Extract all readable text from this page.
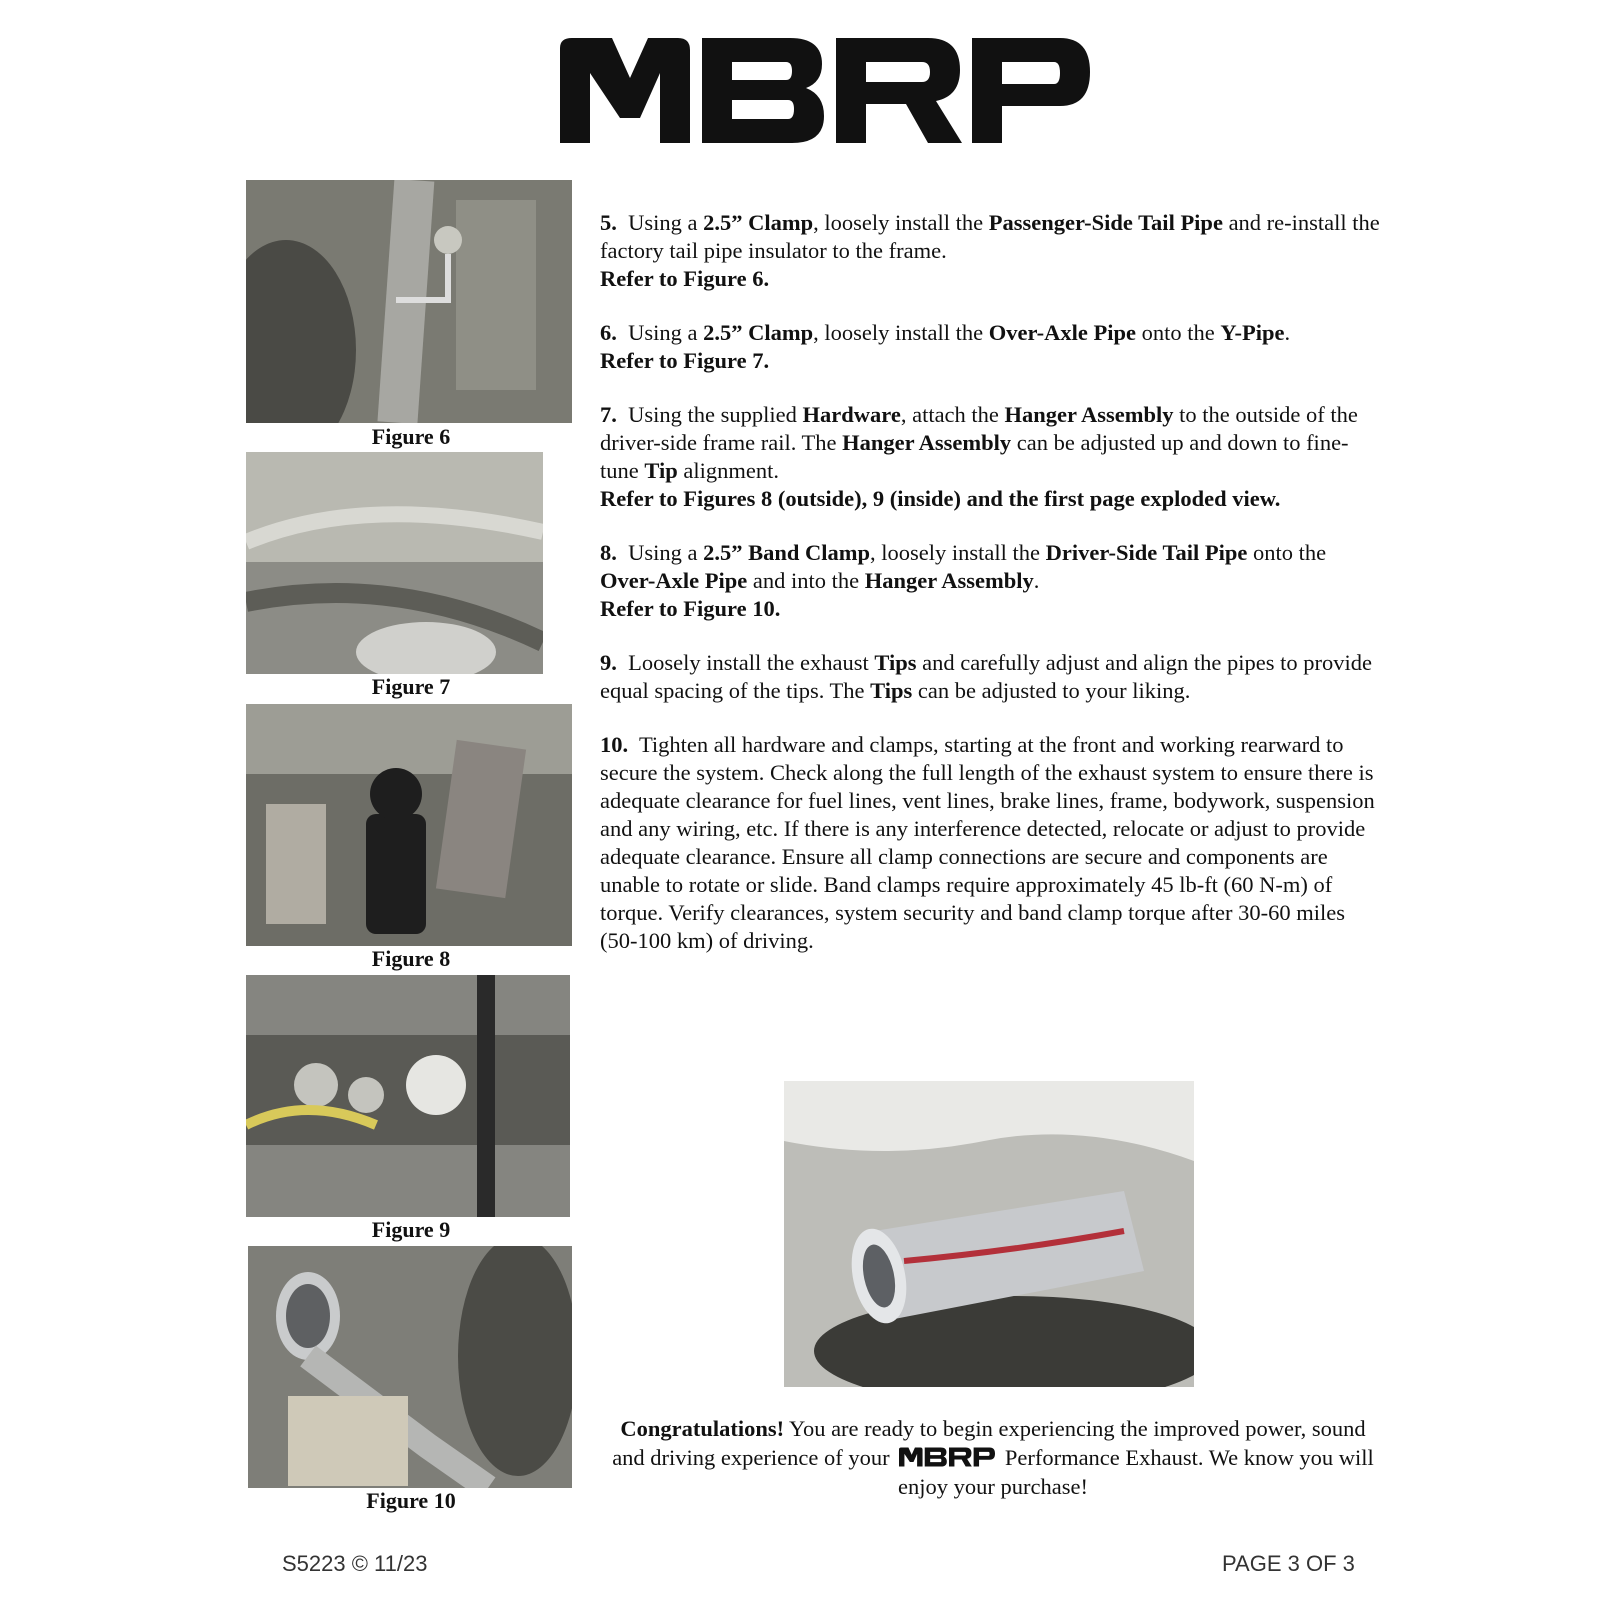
Figure 6
Figure 7
Figure 8
Figure 9
Figure 10
5. Using a 2.5” Clamp, loosely install the Passenger-Side Tail Pipe and re-install the factory tail pipe insulator to the frame.
Refer to Figure 6.
6. Using a 2.5” Clamp, loosely install the Over-Axle Pipe onto the Y-Pipe.
Refer to Figure 7.
7. Using the supplied Hardware, attach the Hanger Assembly to the outside of the driver-side frame rail. The Hanger Assembly can be adjusted up and down to fine-tune Tip alignment.
Refer to Figures 8 (outside), 9 (inside) and the first page exploded view.
8. Using a 2.5” Band Clamp, loosely install the Driver-Side Tail Pipe onto the Over-Axle Pipe and into the Hanger Assembly.
Refer to Figure 10.
9. Loosely install the exhaust Tips and carefully adjust and align the pipes to provide equal spacing of the tips. The Tips can be adjusted to your liking.
10. Tighten all hardware and clamps, starting at the front and working rearward to secure the system. Check along the full length of the exhaust system to ensure there is adequate clearance for fuel lines, vent lines, brake lines, frame, bodywork, suspension and any wiring, etc. If there is any interference detected, relocate or adjust to provide adequate clearance. Ensure all clamp connections are secure and components are unable to rotate or slide. Band clamps require approximately 45 lb-ft (60 N-m) of torque. Verify clearances, system security and band clamp torque after 30-60 miles (50-100 km) of driving.
Congratulations! You are ready to begin experiencing the improved power, sound and driving experience of your	Performance Exhaust. We know you will enjoy your purchase!
S5223 © 11/23	PAGE 3 OF 3
